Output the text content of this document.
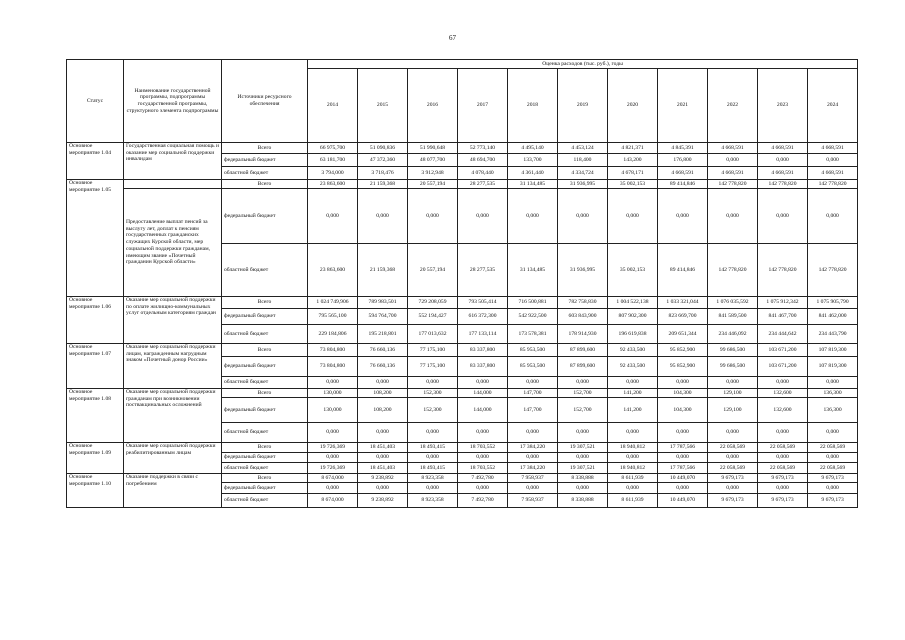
67
Статус	Наименование государственной программы, подпрограммы государственной программы, структурного элемента подпрограммы	Источники ресурсного обеспечения	Оценка расходов (тыс. руб.), годы										
			2014	2015	2016	2017	2018	2019	2020	2021	2022	2023	2024
Основное мероприятие 1.04	Государственная социальная помощь и оказание мер социальной поддержки инвалидам	Всего	66 975,700	51 090,836	51 990,648	52 773,140	4 495,140	4 453,124	4 821,371	4 845,391	4 668,591	4 668,591	4 668,591
		федеральный бюджет	63 181,700	47 372,360	48 077,700	48 694,700	133,700	118,400	143,200	176,800	0,000	0,000	0,000
		областной бюджет	3 794,000	3 718,476	3 912,948	4 078,440	4 361,440	4 334,724	4 678,171	4 668,591	4 668,591	4 668,591	4 668,591
Основное мероприятие 1.05		Всего	23 863,600	21 159,368	20 557,194	28 277,535	31 134,485	31 936,995	35 002,153	89 414,846	142 778,820	142 778,820	142 778,820
	Предоставление выплат пенсий за выслугу лет, доплат к пенсиям государственных гражданских служащих Курской области, мер социальной поддержки гражданам, имеющим звание «Почетный гражданин Курской области»	федеральный бюджет	0,000	0,000	0,000	0,000	0,000	0,000	0,000	0,000	0,000	0,000	0,000
		областной бюджет	23 863,600	21 159,368	20 557,194	28 277,535	31 134,485	31 936,995	35 002,153	89 414,846	142 778,820	142 778,820	142 778,820
Основное мероприятие 1.06	Оказание мер социальной поддержки по оплате жилищно-коммунальных услуг отдельным категориям граждан	Всего	1 024 749,906	789 983,501	729 208,059	793 505,414	716 500,881	782 758,830	1 004 522,138	1 033 321,044	1 076 035,592	1 075 912,342	1 075 905,790
		федеральный бюджет	795 565,100	594 764,700	552 194,427	616 372,300	542 922,500	603 843,900	807 902,300	823 669,700	841 589,500	841 467,700	841 462,000
		областной бюджет	229 184,806	195 218,801	177 013,632	177 133,114	173 578,381	178 914,930	196 619,838	209 651,344	234 446,092	234 444,642	234 443,790
Основное мероприятие 1.07	Оказание мер социальной поддержки лицам, награжденным нагрудным знаком «Почетный донор России»	Всего	73 804,800	76 660,136	77 175,100	83 337,800	85 953,500	87 899,600	92 433,500	95 852,900	99 686,500	103 671,200	107 819,300
		федеральный бюджет	73 804,800	76 660,136	77 175,100	83 337,800	85 953,500	87 899,600	92 433,500	95 852,900	99 686,500	103 671,200	107 819,300
		областной бюджет	0,000	0,000	0,000	0,000	0,000	0,000	0,000	0,000	0,000	0,000	0,000
Основное мероприятие 1.08	Оказание мер социальной поддержки гражданам при возникновении поствакцинальных осложнений	Всего	130,000	108,200	152,300	144,000	147,700	152,700	141,200	104,300	129,100	132,600	136,300
		федеральный бюджет	130,000	108,200	152,300	144,000	147,700	152,700	141,200	104,300	129,100	132,600	136,300
		областной бюджет	0,000	0,000	0,000	0,000	0,000	0,000	0,000	0,000	0,000	0,000	0,000
Основное мероприятие 1.09	Оказание мер социальной поддержки реабилитированным лицам	Всего	19 726,369	18 451,403	18 493,415	18 703,552	17 384,220	19 307,521	18 940,812	17 787,566	22 058,569	22 058,569	22 058,569
		федеральный бюджет	0,000	0,000	0,000	0,000	0,000	0,000	0,000	0,000	0,000	0,000	0,000
		областной бюджет	19 726,369	18 451,403	18 493,415	18 703,552	17 384,220	19 307,521	18 940,812	17 787,566	22 058,569	22 058,569	22 058,569
Основное мероприятие 1.10	Оказание поддержки в связи с погребением	Всего	8 674,000	9 238,892	8 923,358	7 492,780	7 958,937	8 338,888	8 611,939	10 449,070	9 679,173	9 679,173	9 679,173
		федеральный бюджет	0,000	0,000	0,000	0,000	0,000	0,000	0,000	0,000	0,000	0,000	0,000
		областной бюджет	8 674,000	9 238,892	8 923,358	7 492,780	7 958,937	8 338,888	8 611,939	10 449,070	9 679,173	9 679,173	9 679,173
